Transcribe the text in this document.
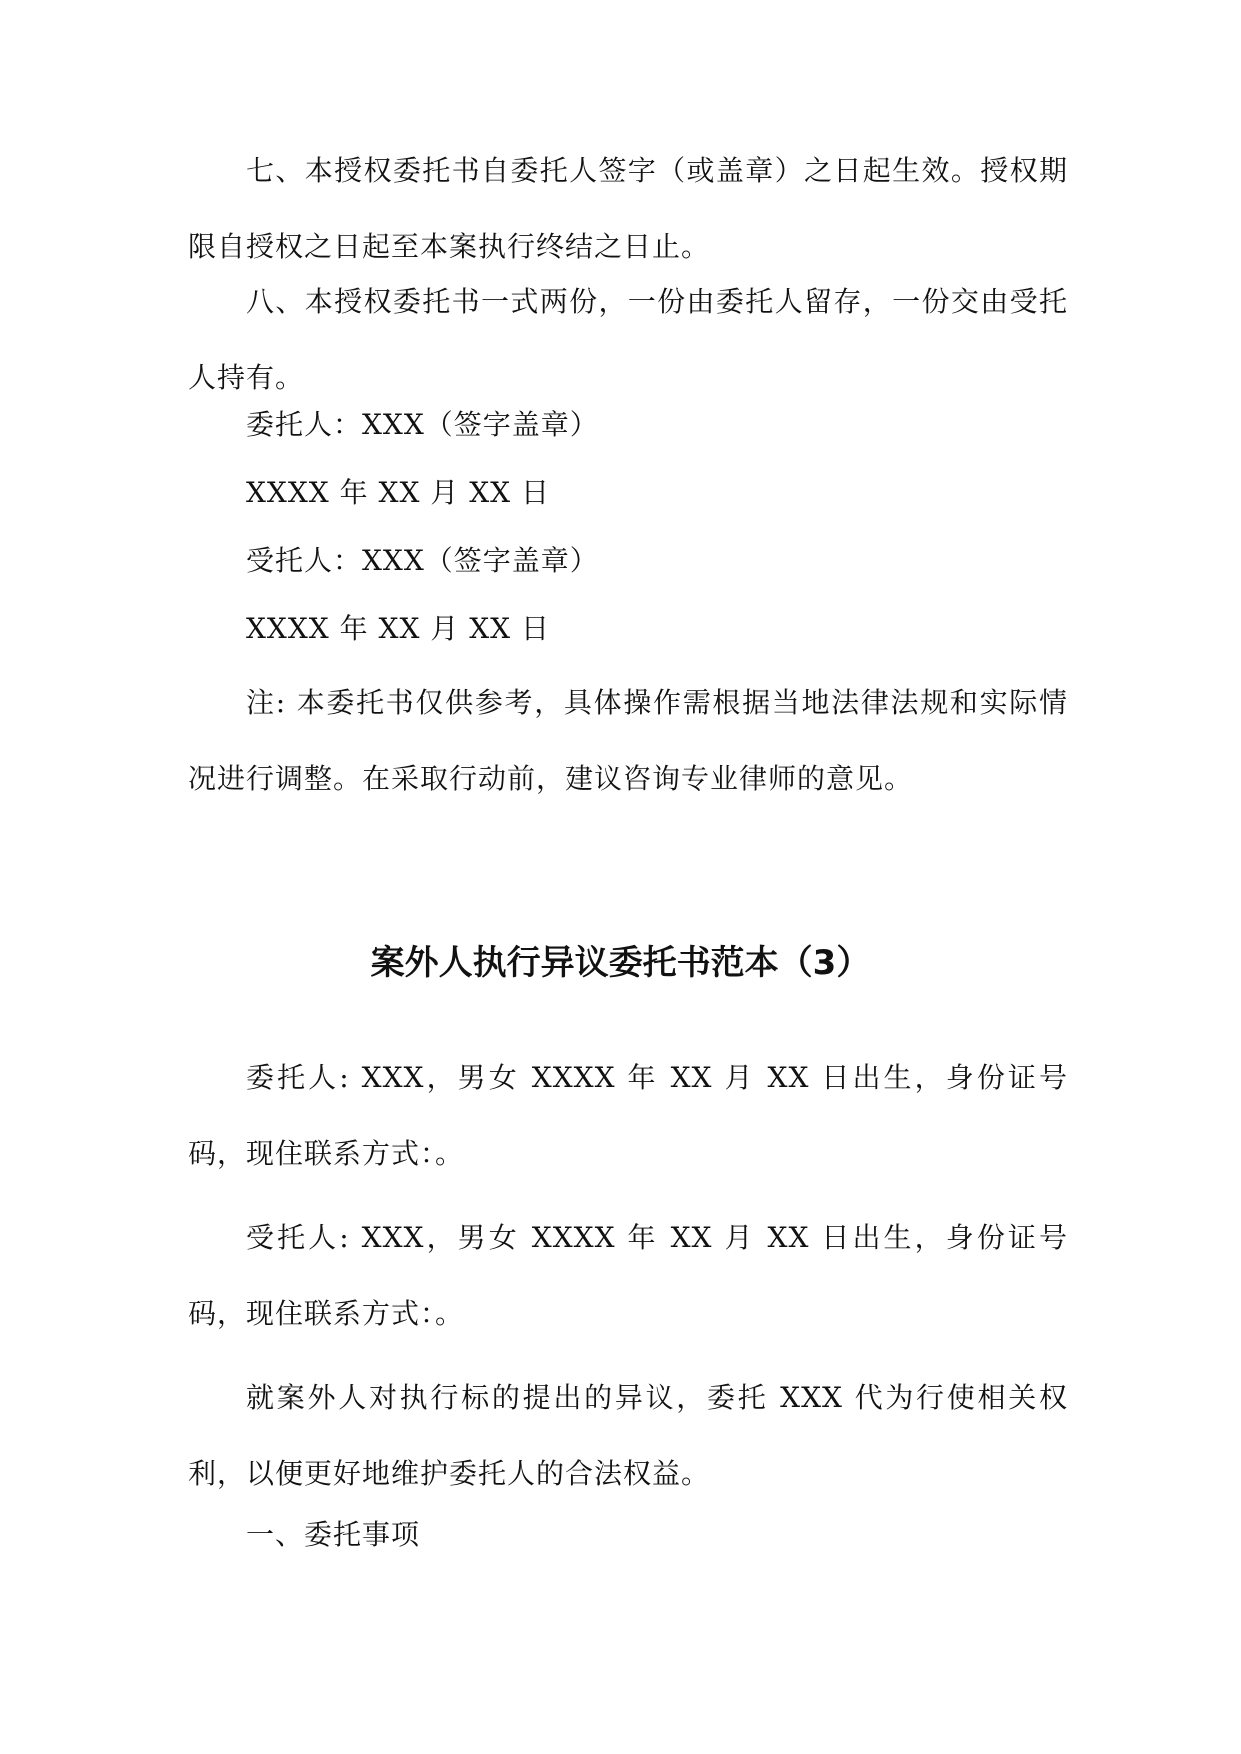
七、本授权委托书自委托人签字（或盖章）之日起生效。授权期限自授权之日起至本案执行终结之日止。

八、本授权委托书一式两份，一份由委托人留存，一份交由受托人持有。

委托人：XXX（签字盖章）

XXXX 年 XX 月 XX 日

受托人：XXX（签字盖章）

XXXX 年 XX 月 XX 日

注: 本委托书仅供参考，具体操作需根据当地法律法规和实际情况进行调整。在采取行动前，建议咨询专业律师的意见。

案外人执行异议委托书范本（3）

委托人: XXX，男女 XXXX 年 XX 月 XX 日出生，身份证号码，现住联系方式：。

受托人: XXX，男女 XXXX 年 XX 月 XX 日出生，身份证号码，现住联系方式：。

就案外人对执行标的提出的异议，委托 XXX 代为行使相关权利，以便更好地维护委托人的合法权益。

一、委托事项
